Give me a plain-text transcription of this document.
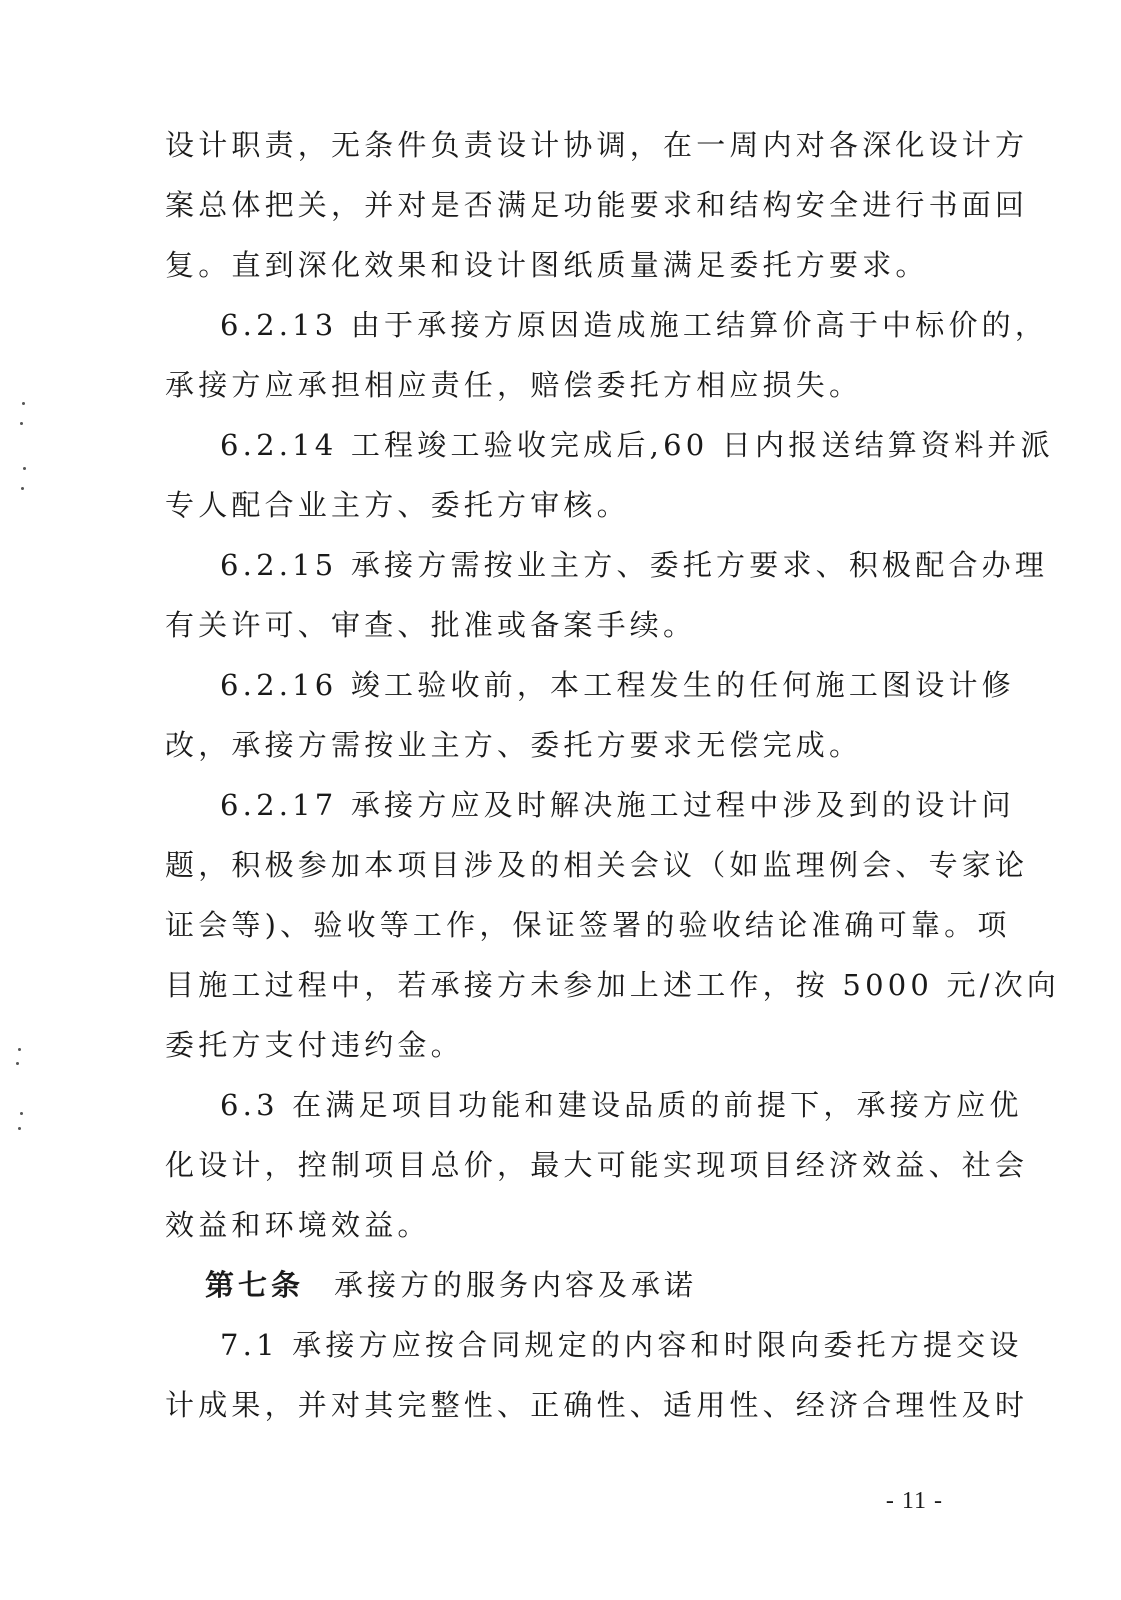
设计职责，无条件负责设计协调，在一周内对各深化设计方
案总体把关，并对是否满足功能要求和结构安全进行书面回
复。直到深化效果和设计图纸质量满足委托方要求。
6.2.13 由于承接方原因造成施工结算价高于中标价的，
承接方应承担相应责任，赔偿委托方相应损失。
6.2.14 工程竣工验收完成后,60 日内报送结算资料并派
专人配合业主方、委托方审核。
6.2.15 承接方需按业主方、委托方要求、积极配合办理
有关许可、审查、批准或备案手续。
6.2.16 竣工验收前，本工程发生的任何施工图设计修
改，承接方需按业主方、委托方要求无偿完成。
6.2.17 承接方应及时解决施工过程中涉及到的设计问
题，积极参加本项目涉及的相关会议（如监理例会、专家论
证会等)、验收等工作，保证签署的验收结论准确可靠。项
目施工过程中，若承接方未参加上述工作，按 5000 元/次向
委托方支付违约金。
6.3 在满足项目功能和建设品质的前提下，承接方应优
化设计，控制项目总价，最大可能实现项目经济效益、社会
效益和环境效益。
第七条 承接方的服务内容及承诺
7.1 承接方应按合同规定的内容和时限向委托方提交设
计成果，并对其完整性、正确性、适用性、经济合理性及时
- 11 -
